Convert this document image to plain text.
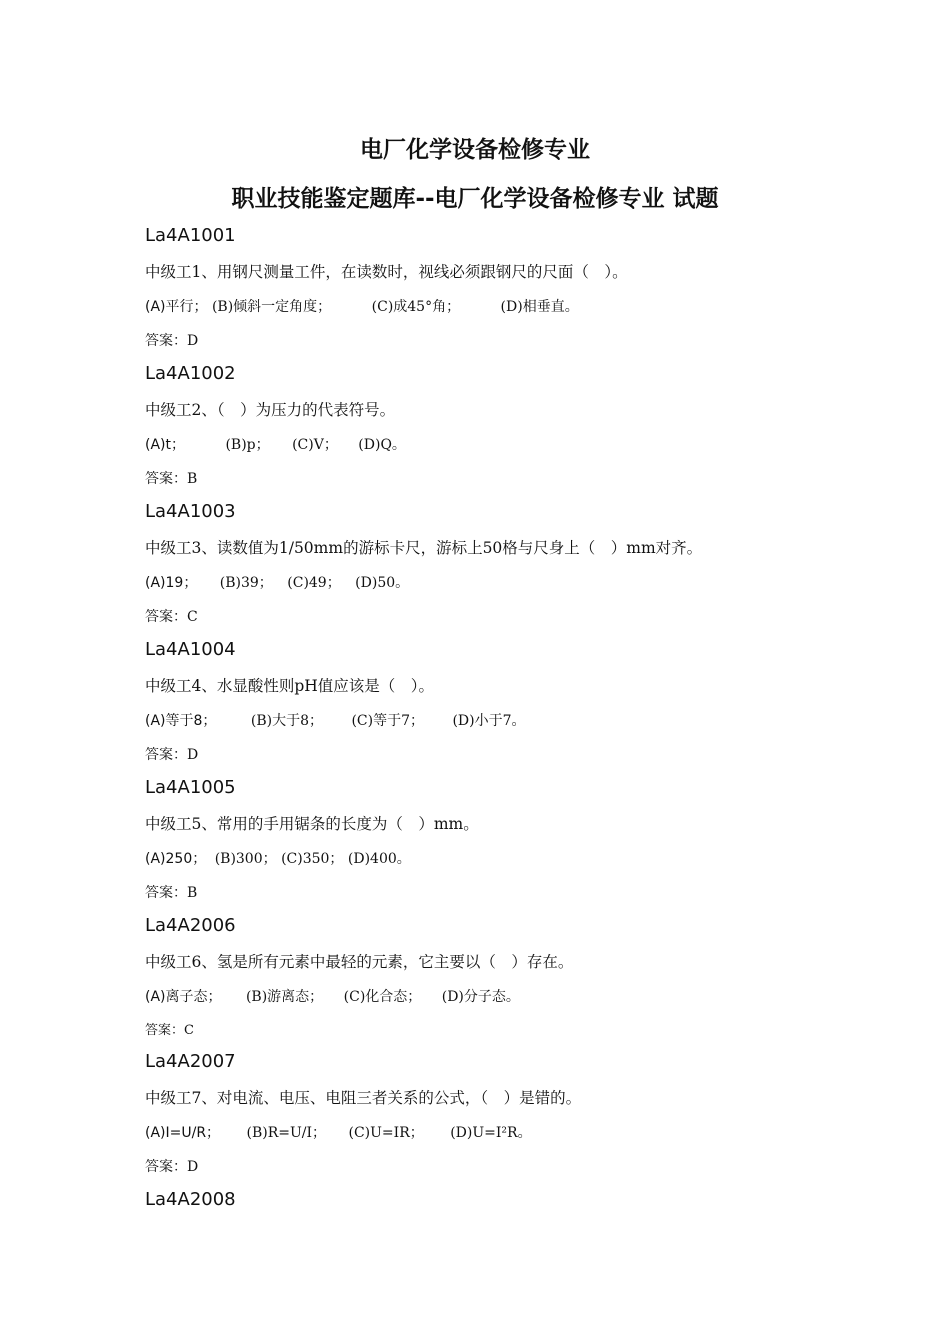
电厂化学设备检修专业
职业技能鉴定题库--电厂化学设备检修专业 试题
La4A1001
中级工1、用钢尺测量工件，在读数时，视线必须跟钢尺的尺面（　）。
(A)平行； (B)倾斜一定角度；	(C)成45°角；	(D)相垂直。
答案：D
La4A1002
中级工2、（　）为压力的代表符号。
(A)t；	(B)p； (C)V； (D)Q。
答案：B
La4A1003
中级工3、读数值为1/50mm的游标卡尺，游标上50格与尺身上（　）mm对齐。
(A)19； (B)39； (C)49； (D)50。
答案：C
La4A1004
中级工4、水显酸性则pH值应该是（　）。
(A)等于8； (B)大于8； (C)等于7； (D)小于7。
答案：D
La4A1005
中级工5、常用的手用锯条的长度为（　）mm。
(A)250； (B)300； (C)350； (D)400。
答案：B
La4A2006
中级工6、氢是所有元素中最轻的元素，它主要以（　）存在。
(A)离子态； (B)游离态； (C)化合态； (D)分子态。
答案：C
La4A2007
中级工7、对电流、电压、电阻三者关系的公式，（　）是错的。
(A)I=U/R； (B)R=U/I； (C)U=IR； (D)U=I²R。
答案：D
La4A2008
